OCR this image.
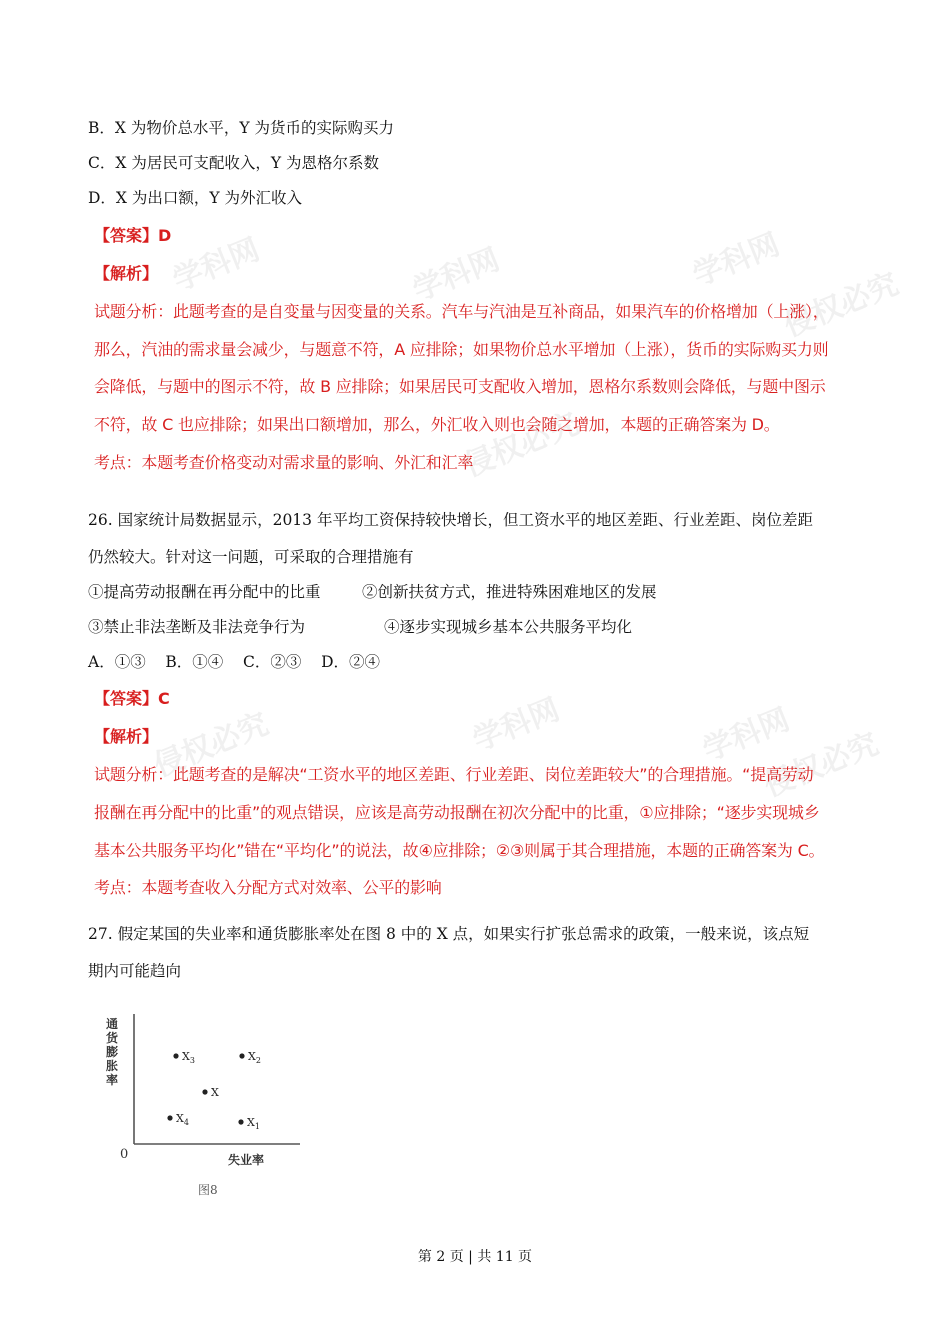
学科网	学科网	学科网
侵权必究
侵权必究
学科网	学科网
侵权必究
侵权必究
B．X 为物价总水平，Y 为货币的实际购买力
C．X 为居民可支配收入，Y 为恩格尔系数
D．X 为出口额，Y 为外汇收入
【答案】D
【解析】
试题分析：此题考查的是自变量与因变量的关系。汽车与汽油是互补商品，如果汽车的价格增加（上涨），
那么，汽油的需求量会减少，与题意不符，A 应排除；如果物价总水平增加（上涨），货币的实际购买力则
会降低，与题中的图示不符，故 B 应排除；如果居民可支配收入增加，恩格尔系数则会降低，与题中图示
不符，故 C 也应排除；如果出口额增加，那么，外汇收入则也会随之增加，本题的正确答案为 D。
考点：本题考查价格变动对需求量的影响、外汇和汇率
26. 国家统计局数据显示，2013 年平均工资保持较快增长，但工资水平的地区差距、行业差距、岗位差距
仍然较大。针对这一问题，可采取的合理措施有
①提高劳动报酬在再分配中的比重	②创新扶贫方式，推进特殊困难地区的发展
③禁止非法垄断及非法竞争行为	④逐步实现城乡基本公共服务平均化
A．①③    B．①④    C．②③    D．②④
【答案】C
【解析】
试题分析：此题考查的是解决“工资水平的地区差距、行业差距、岗位差距较大”的合理措施。“提高劳动
报酬在再分配中的比重”的观点错误，应该是高劳动报酬在初次分配中的比重，①应排除；“逐步实现城乡
基本公共服务平均化”错在“平均化”的说法，故④应排除；②③则属于其合理措施，本题的正确答案为 C。
考点：本题考查收入分配方式对效率、公平的影响
27. 假定某国的失业率和通货膨胀率处在图 8 中的 X 点，如果实行扩张总需求的政策，一般来说，该点短
期内可能趋向
0
通货膨胀率
失业率
图8
$X_3$	$X_2$
X
$X_4$	$X_1$
第 2 页 | 共 11 页
